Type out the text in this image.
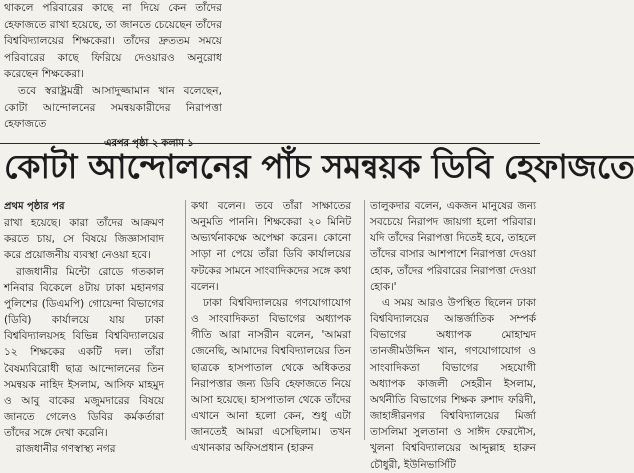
থাকলে পরিবারের কাছে না দিয়ে কেন তাঁদের হেফাজতে রাখা হয়েছে, তা জানতে চেয়েছেন তাঁদের বিশ্ববিদ্যালয়ের শিক্ষকেরা। তাঁদের দ্রুততম সময়ে পরিবারের কাছে ফিরিয়ে দেওয়ারও অনুরোধ করেছেন শিক্ষকেরা।

তবে স্বরাষ্ট্রমন্ত্রী আসাদুজ্জামান খান বলেছেন, কোটা আন্দোলনের সমন্বয়কারীদের নিরাপত্তা হেফাজতে

এরপর পৃষ্ঠা ২ কলাম ১
কোটা আন্দোলনের পাঁচ সমন্বয়ক ডিবি হেফাজতে

প্রথম পৃষ্ঠার পর

রাখা হয়েছে। কারা তাঁদের আক্রমণ করতে চায়, সে বিষয়ে জিজ্ঞাসাবাদ করে প্রয়োজনীয় ব্যবস্থা নেওয়া হবে।

রাজধানীর মিন্টো রোডে গতকাল শনিবার বিকেলে ৪টায় ঢাকা মহানগর পুলিশের (ডিএমপি) গোয়েন্দা বিভাগের (ডিবি) কার্যালয়ে যায় ঢাকা বিশ্ববিদ্যালয়সহ বিভিন্ন বিশ্ববিদ্যালয়ের ১২ শিক্ষকের একটি দল। তাঁরা বৈষম্যবিরোধী ছাত্র আন্দোলনের তিন সমন্বয়ক নাহিদ ইসলাম, আসিফ মাহমুদ ও আবু বাকের মজুমদারের বিষয়ে জানতে গেলেও ডিবির কর্মকর্তারা তাঁদের সঙ্গে দেখা করেনি।

রাজধানীর গণস্বাস্থ্য নগর

কথা বলেন। তবে তাঁরা সাক্ষাতের অনুমতি পাননি। শিক্ষকেরা ২০ মিনিট অভ্যর্থনাকক্ষে অপেক্ষা করেন। কোনো সাড়া না পেয়ে তাঁরা ডিবি কার্যালয়ের ফটকের সামনে সাংবাদিকদের সঙ্গে কথা বলেন।

ঢাকা বিশ্ববিদ্যালয়ের গণযোগাযোগ ও সাংবাদিকতা বিভাগের অধ্যাপক গীতি আরা নাসরীন বলেন, 'আমরা জেনেছি, আমাদের বিশ্ববিদ্যালয়ের তিন ছাত্রকে হাসপাতাল থেকে অধিকতর নিরাপত্তার জন্য ডিবি হেফাজতে নিয়ে আসা হয়েছে। হাসপাতাল থেকে তাঁদের এখানে আনা হলো কেন, শুধু এটা জানতেই আমরা এসেছিলাম। তখন এখানকার অফিসপ্রধান (হারুন

তালুকদার বলেন, একজন মানুষের জন্য সবচেয়ে নিরাপদ জায়গা হলো পরিবার। যদি তাঁদের নিরাপত্তা দিতেই হবে, তাহলে তাঁদের বাসার আশপাশে নিরাপত্তা দেওয়া হোক, তাঁদের পরিবারের নিরাপত্তা দেওয়া হোক।'

এ সময় আরও উপস্থিত ছিলেন ঢাকা বিশ্ববিদ্যালয়ের আন্তর্জাতিক সম্পর্ক বিভাগের অধ্যাপক মোহাম্মদ তানজীমউদ্দিন খান, গণযোগাযোগ ও সাংবাদিকতা বিভাগের সহযোগী অধ্যাপক কাজলী সেহরীন ইসলাম, অর্থনীতি বিভাগের শিক্ষক রুশাদ ফরিদী, জাহাঙ্গীরনগর বিশ্ববিদ্যালয়ের মির্জা তাসলিমা সুলতানা ও সাঈদ ফেরদৌস, খুলনা বিশ্ববিদ্যালয়ের আব্দুল্লাহ হারুন চৌধুরী, ইউনিভার্সিটি
